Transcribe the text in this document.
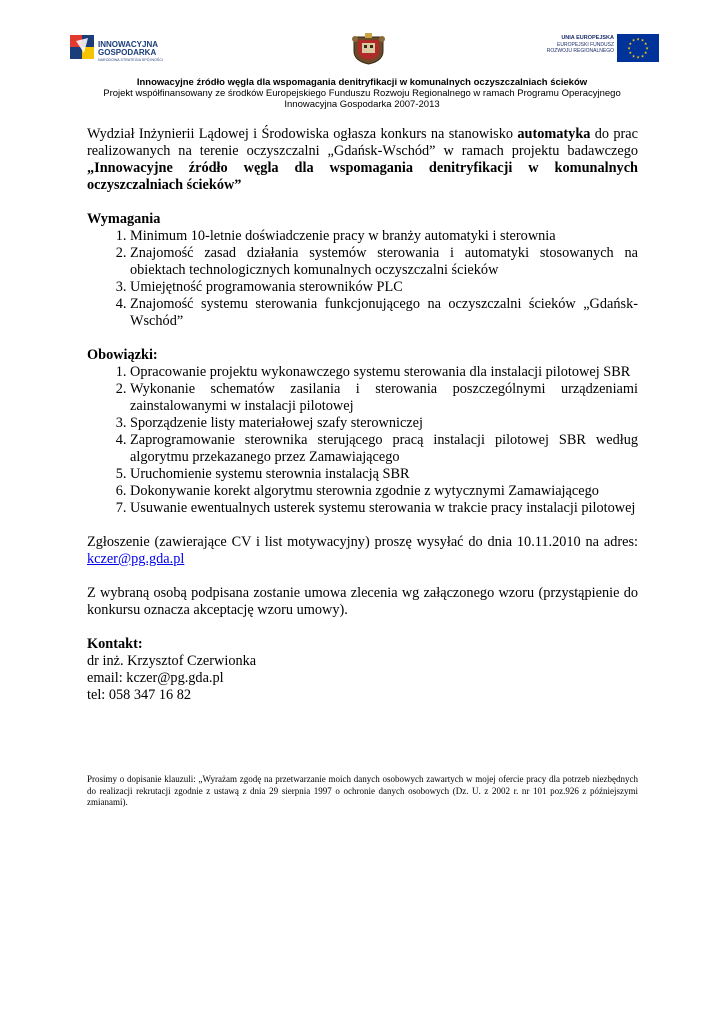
INNOWACYJNA
GOSPODARKA
NARODOWA STRATEGIA SPÓJNOŚCI
UNIA EUROPEJSKA
EUROPEJSKI FUNDUSZ
ROZWOJU REGIONALNEGO
★ ★
★
★
★
★
★
★
★
★
★
★
Innowacyjne źródło węgla dla wspomagania denitryfikacji w komunalnych oczyszczalniach ścieków
Projekt współfinansowany ze środków Europejskiego Funduszu Rozwoju Regionalnego w ramach Programu Operacyjnego
Innowacyjna Gospodarka 2007-2013

Wydział Inżynierii Lądowej i Środowiska ogłasza konkurs na stanowisko automatyka do prac realizowanych na terenie oczyszczalni „Gdańsk-Wschód” w ramach projektu badawczego „Innowacyjne źródło węgla dla wspomagania denitryfikacji w komunalnych oczyszczalniach ścieków”

Wymagania

1. Minimum 10-letnie doświadczenie pracy w branży automatyki i sterownia
2. Znajomość zasad działania systemów sterowania i automatyki stosowanych na obiektach technologicznych komunalnych oczyszczalni ścieków
3. Umiejętność programowania sterowników PLC
4. Znajomość systemu sterowania funkcjonującego na oczyszczalni ścieków „Gdańsk-Wschód”

Obowiązki:

1. Opracowanie projektu wykonawczego systemu sterowania dla instalacji pilotowej SBR
2. Wykonanie schematów zasilania i sterowania poszczególnymi urządzeniami zainstalowanymi w instalacji pilotowej
3. Sporządzenie listy materiałowej szafy sterowniczej
4. Zaprogramowanie sterownika sterującego pracą instalacji pilotowej SBR według algorytmu przekazanego przez Zamawiającego
5. Uruchomienie systemu sterownia instalacją SBR
6. Dokonywanie korekt algorytmu sterownia zgodnie z wytycznymi Zamawiającego
7. Usuwanie ewentualnych usterek systemu sterowania w trakcie pracy instalacji pilotowej

Zgłoszenie (zawierające CV i list motywacyjny) proszę wysyłać do dnia 10.11.2010 na adres: kczer@pg.gda.pl

Z wybraną osobą podpisana zostanie umowa zlecenia wg załączonego wzoru (przystąpienie do konkursu oznacza akceptację wzoru umowy).

Kontakt:

dr inż. Krzysztof Czerwionka

email: kczer@pg.gda.pl

tel: 058 347 16 82

Prosimy o dopisanie klauzuli: „Wyrażam zgodę na przetwarzanie moich danych osobowych zawartych w mojej ofercie pracy dla potrzeb niezbędnych do realizacji rekrutacji zgodnie z ustawą z dnia 29 sierpnia 1997 o ochronie danych osobowych (Dz. U. z 2002 r. nr 101 poz.926 z późniejszymi zmianami).
